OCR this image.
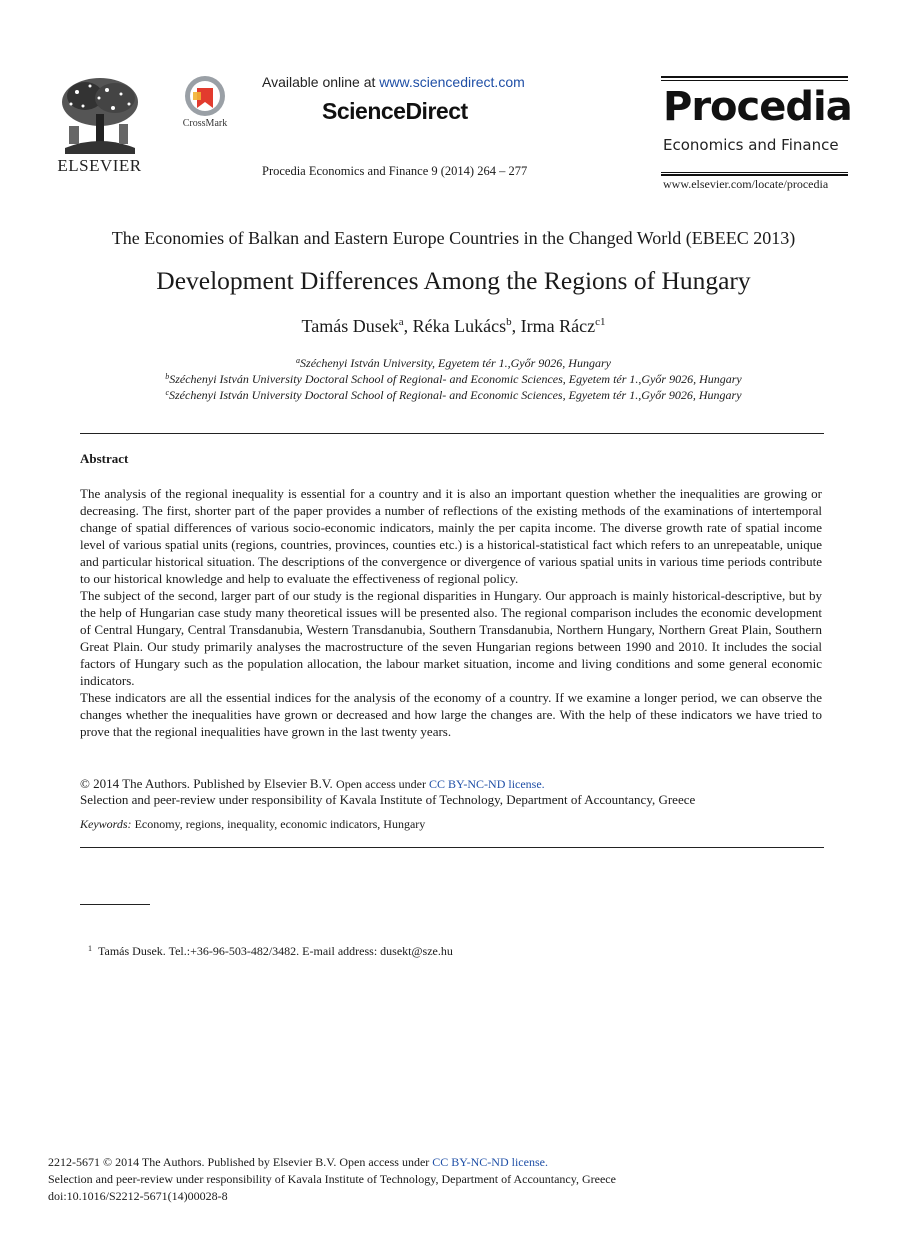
ELSEVIER
CrossMark
Available online at www.sciencedirect.com
ScienceDirect
Procedia Economics and Finance 9 (2014) 264 – 277
Procedia
Economics and Finance
www.elsevier.com/locate/procedia
The Economies of Balkan and Eastern Europe Countries in the Changed World (EBEEC 2013)
Development Differences Among the Regions of Hungary
Tamás Dusek$^a$, Réka Lukács$^b$, Irma Rácz$^{c1}$
$^a$Széchenyi István University, Egyetem tér 1.,Győr 9026, Hungary
$^b$Széchenyi István University Doctoral School of Regional- and Economic Sciences, Egyetem tér 1.,Győr 9026, Hungary
$^c$Széchenyi István University Doctoral School of Regional- and Economic Sciences, Egyetem tér 1.,Győr 9026, Hungary
Abstract

The analysis of the regional inequality is essential for a country and it is also an important question whether the inequalities are growing or decreasing. The first, shorter part of the paper provides a number of reflections of the existing methods of the examinations of intertemporal change of spatial differences of various socio-economic indicators, mainly the per capita income. The diverse growth rate of spatial income level of various spatial units (regions, countries, provinces, counties etc.) is a historical-statistical fact which refers to an unrepeatable, unique and particular historical situation. The descriptions of the convergence or divergence of various spatial units in various time periods contribute to our historical knowledge and help to evaluate the effectiveness of regional policy.

The subject of the second, larger part of our study is the regional disparities in Hungary. Our approach is mainly historical-descriptive, but by the help of Hungarian case study many theoretical issues will be presented also. The regional comparison includes the economic development of Central Hungary, Central Transdanubia, Western Transdanubia, Southern Transdanubia, Northern Hungary, Northern Great Plain, Southern Great Plain. Our study primarily analyses the macrostructure of the seven Hungarian regions between 1990 and 2010. It includes the social factors of Hungary such as the population allocation, the labour market situation, income and living conditions and some general economic indicators.

These indicators are all the essential indices for the analysis of the economy of a country. If we examine a longer period, we can observe the changes whether the inequalities have grown or decreased and how large the changes are. With the help of these indicators we have tried to prove that the regional inequalities have grown in the last twenty years.

© 2014 The Authors. Published by Elsevier B.V. Open access under CC BY-NC-ND license.
Selection and peer-review under responsibility of Kavala Institute of Technology, Department of Accountancy, Greece
Keywords: Economy, regions, inequality, economic indicators, Hungary
$^1$ Tamás Dusek. Tel.:+36-96-503-482/3482. E-mail address: dusekt@sze.hu
2212-5671 © 2014 The Authors. Published by Elsevier B.V. Open access under CC BY-NC-ND license.
Selection and peer-review under responsibility of Kavala Institute of Technology, Department of Accountancy, Greece
doi:10.1016/S2212-5671(14)00028-8
